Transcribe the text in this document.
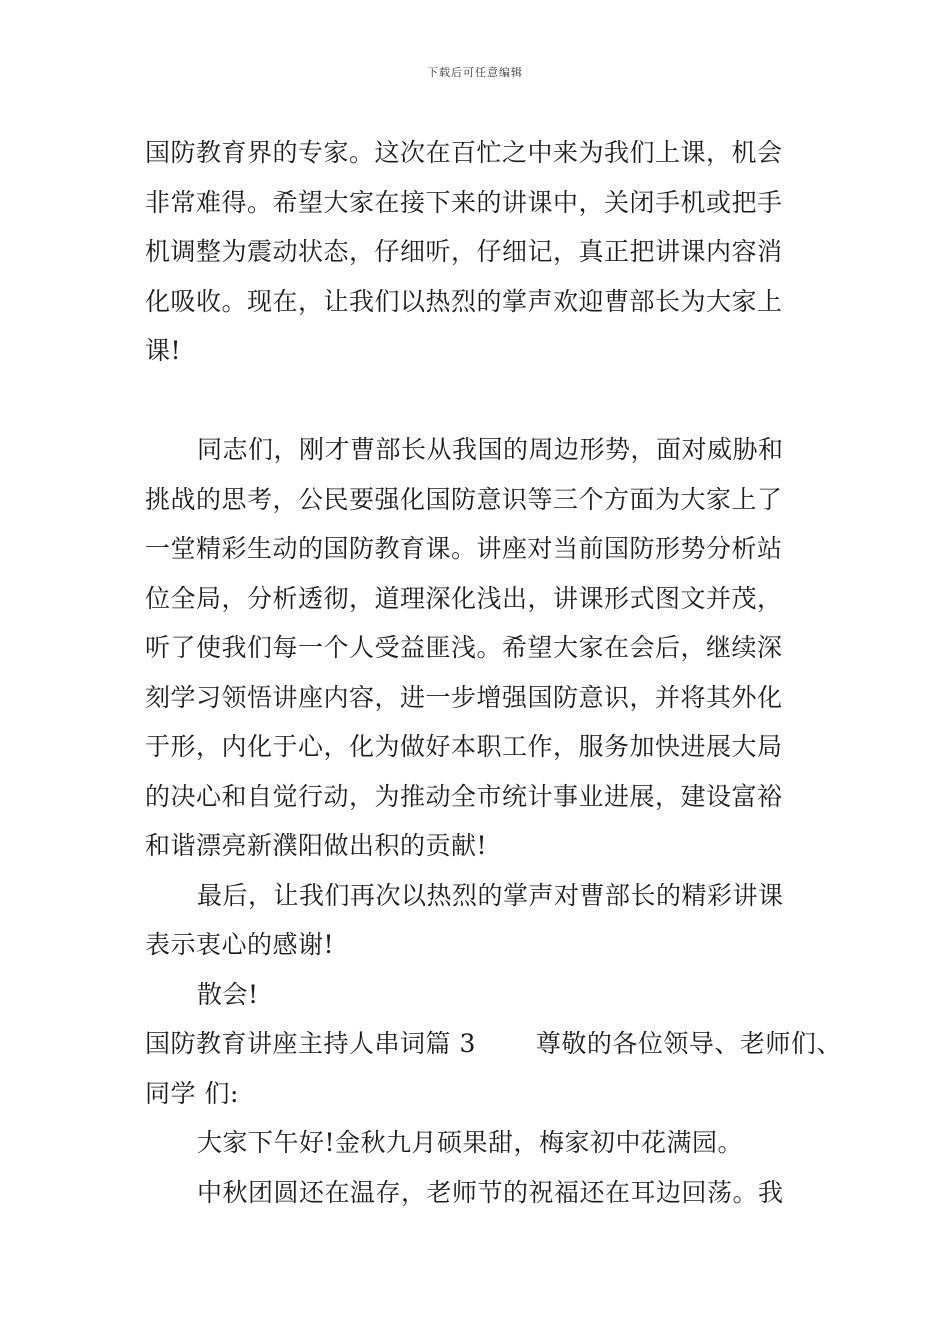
下载后可任意编辑
国防教育界的专家。这次在百忙之中来为我们上课，机会
非常难得。希望大家在接下来的讲课中，关闭手机或把手
机调整为震动状态，仔细听，仔细记，真正把讲课内容消
化吸收。现在，让我们以热烈的掌声欢迎曹部长为大家上
课!
同志们，刚才曹部长从我国的周边形势，面对威胁和
挑战的思考，公民要强化国防意识等三个方面为大家上了
一堂精彩生动的国防教育课。讲座对当前国防形势分析站
位全局，分析透彻，道理深化浅出，讲课形式图文并茂，
听了使我们每一个人受益匪浅。希望大家在会后，继续深
刻学习领悟讲座内容，进一步增强国防意识，并将其外化
于形，内化于心，化为做好本职工作，服务加快进展大局
的决心和自觉行动，为推动全市统计事业进展，建设富裕
和谐漂亮新濮阳做出积的贡献!
最后，让我们再次以热烈的掌声对曹部长的精彩讲课
表示衷心的感谢!
散会!
国防教育讲座主持人串词篇 3 尊敬的各位领导、老师们、
同学 们:
大家下午好!金秋九月硕果甜，梅家初中花满园。
中秋团圆还在温存，老师节的祝福还在耳边回荡。我
